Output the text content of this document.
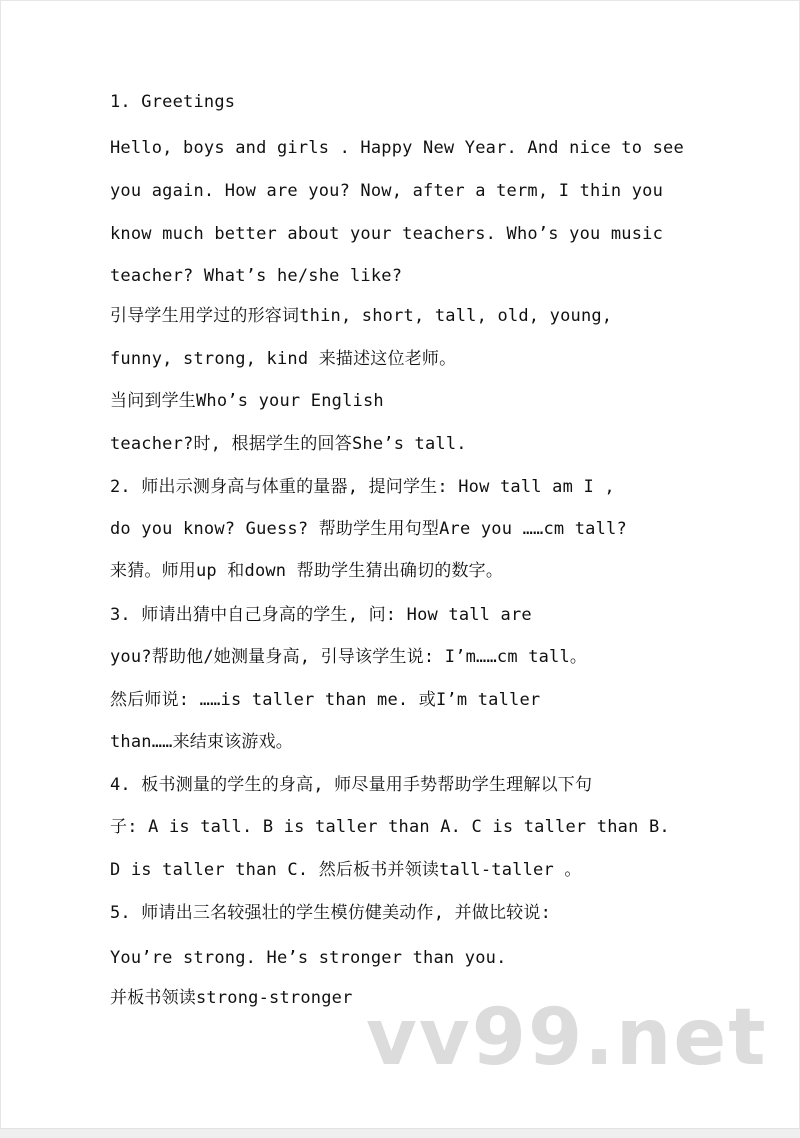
1. Greetings
Hello, boys and girls . Happy New Year. And nice to see
you again. How are you? Now, after a term, I thin you
know much better about your teachers. Who’s you music
teacher? What’s he/she like?
引导学生用学过的形容词thin, short, tall, old, young,
funny, strong, kind 来描述这位老师。
当问到学生Who’s your English
teacher?时, 根据学生的回答She’s tall.
2. 师出示测身高与体重的量器, 提问学生: How tall am I ,
do you know? Guess? 帮助学生用句型Are you ……cm tall?
来猜。师用up 和down 帮助学生猜出确切的数字。
3. 师请出猜中自己身高的学生, 问: How tall are
you?帮助他/她测量身高, 引导该学生说: I’m……cm tall。
然后师说: ……is taller than me. 或I’m taller
than……来结束该游戏。
4. 板书测量的学生的身高, 师尽量用手势帮助学生理解以下句
子: A is tall. B is taller than A. C is taller than B.
D is taller than C. 然后板书并领读tall-taller 。
5. 师请出三名较强壮的学生模仿健美动作, 并做比较说:
You’re strong. He’s stronger than you.
并板书领读strong-stronger vv99.net
